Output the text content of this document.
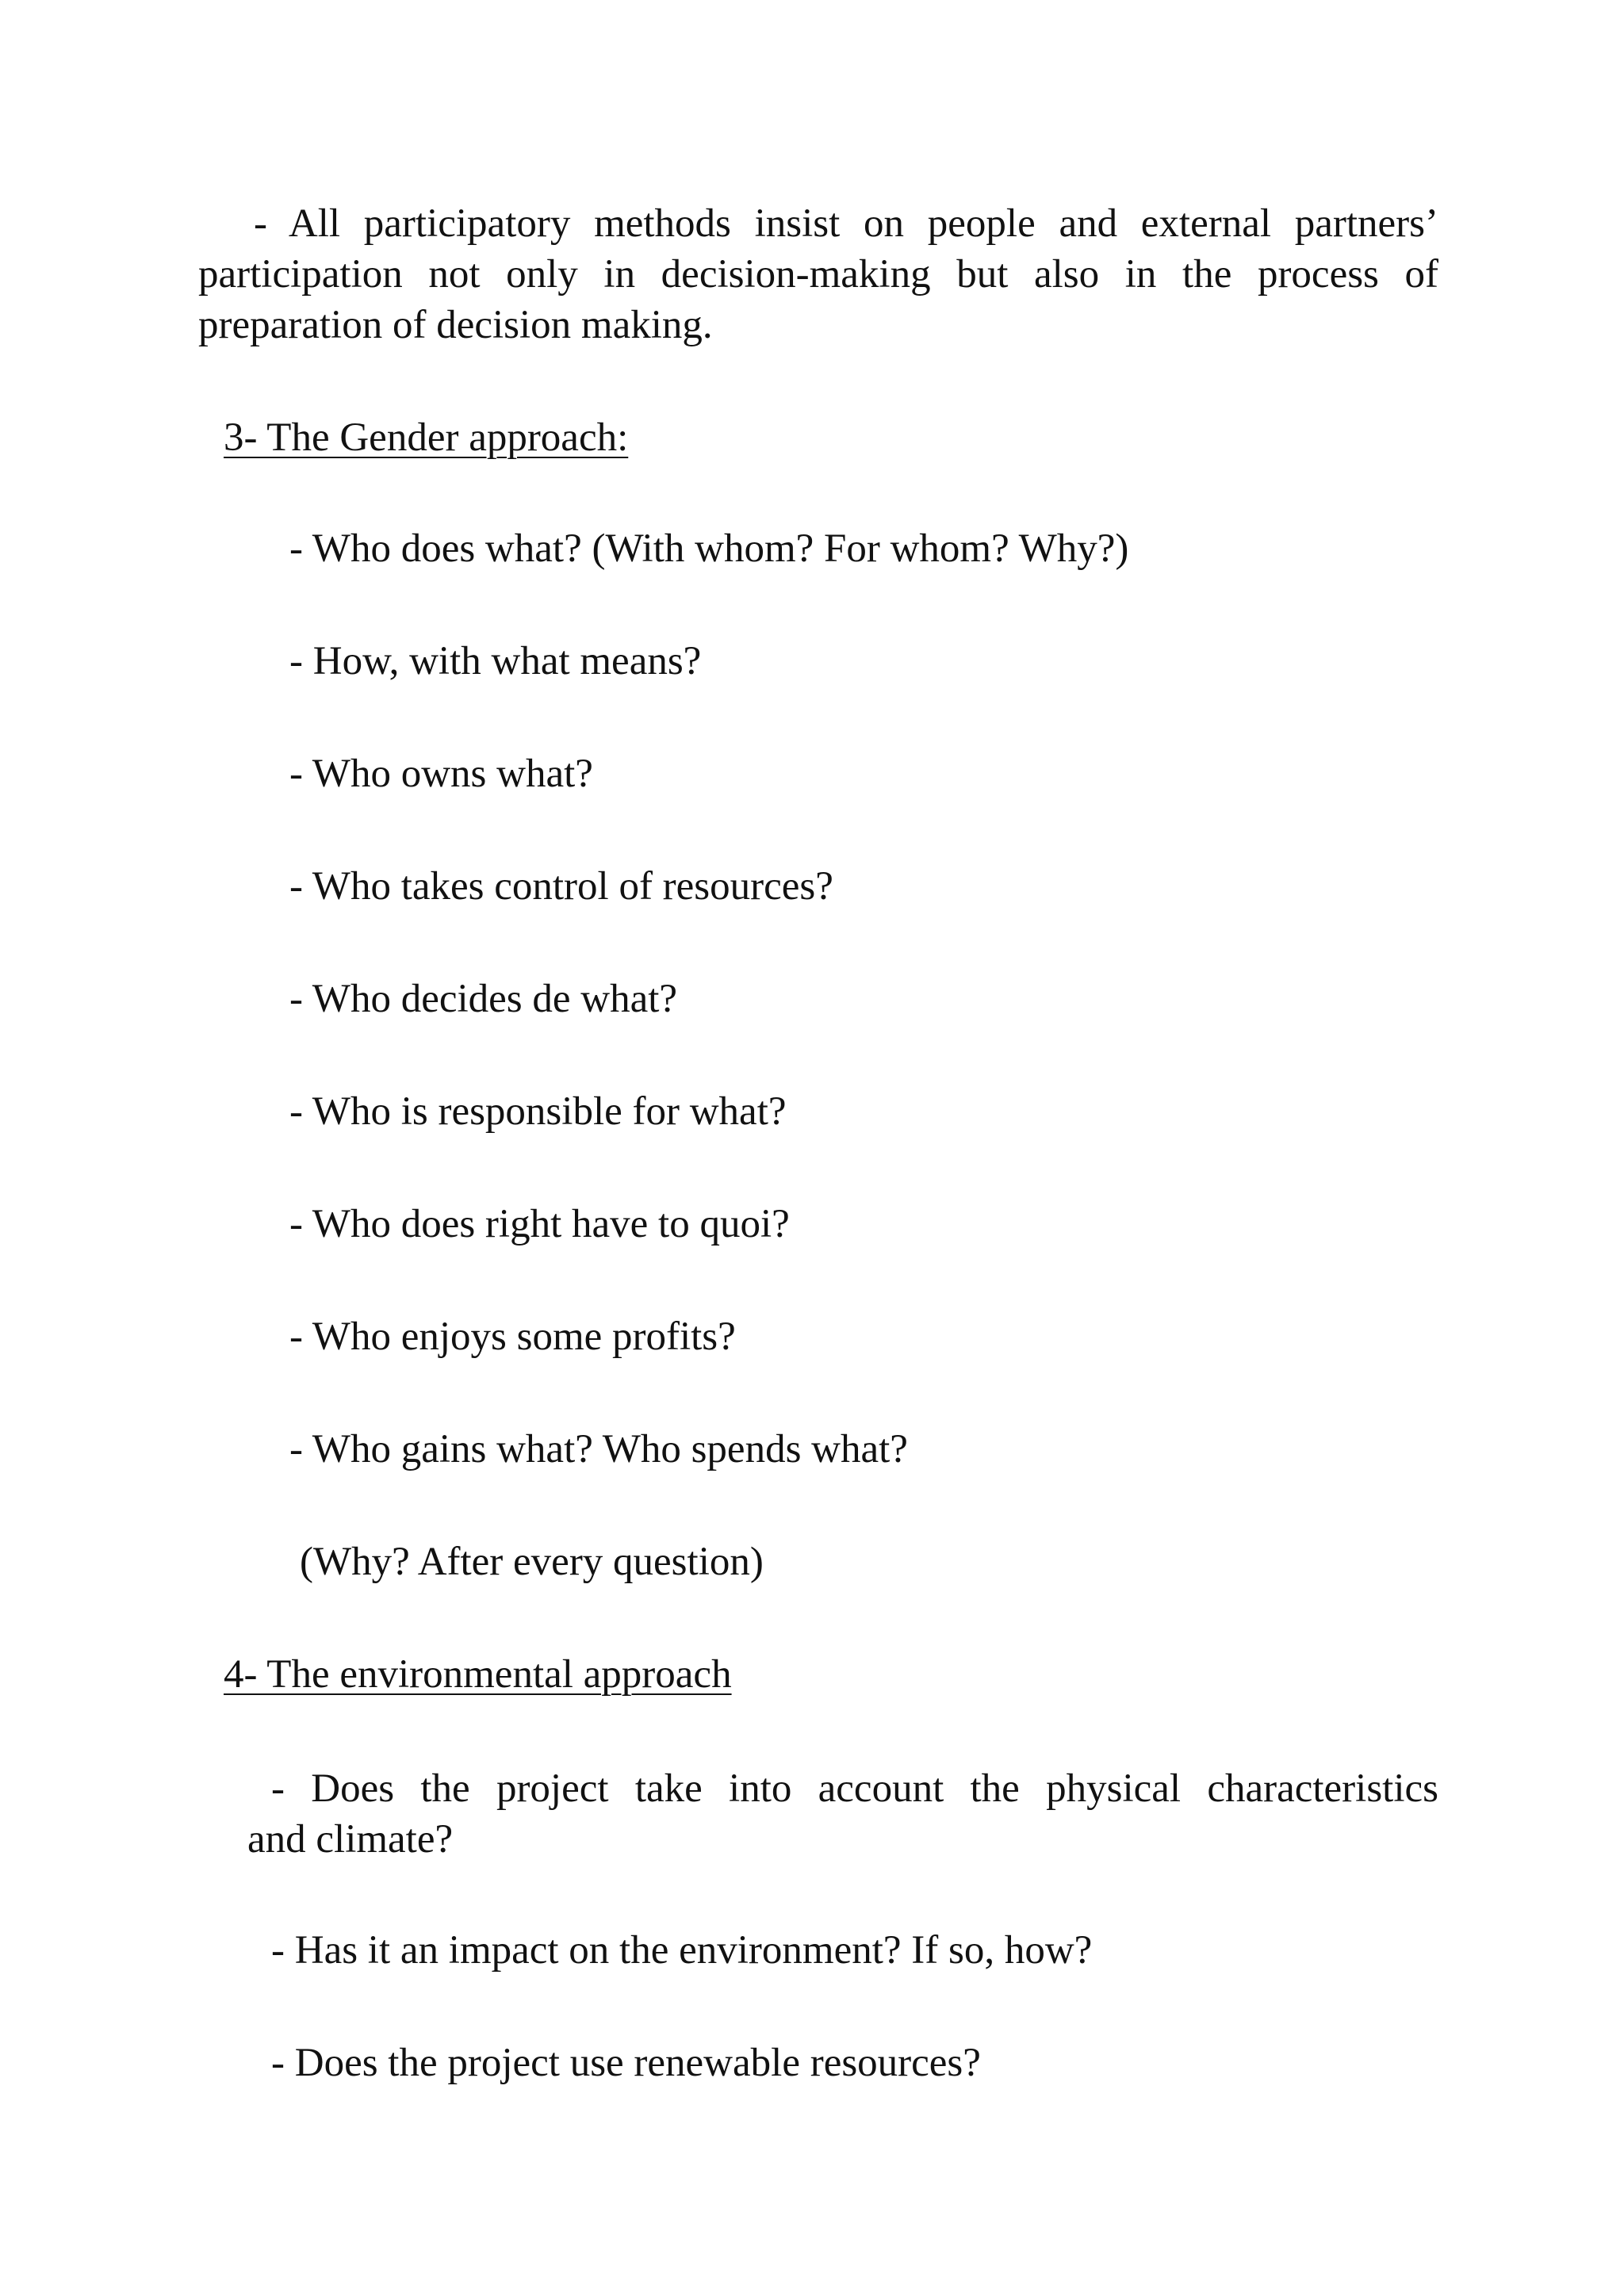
- All participatory methods insist on people and external partners’

participation not only in decision-making but also in the process of

preparation of decision making.

3- The Gender approach:

- Who does what? (With whom? For whom? Why?)

- How, with what means?

- Who owns what?

- Who takes control of resources?

- Who decides de what?

- Who is responsible for what?

- Who does right have to quoi?

- Who enjoys some profits?

- Who gains what? Who spends what?

(Why? After every question)

4- The environmental approach

- Does the project take into account the physical characteristics

and climate?

- Has it an impact on the environment? If so, how?

- Does the project use renewable resources?
